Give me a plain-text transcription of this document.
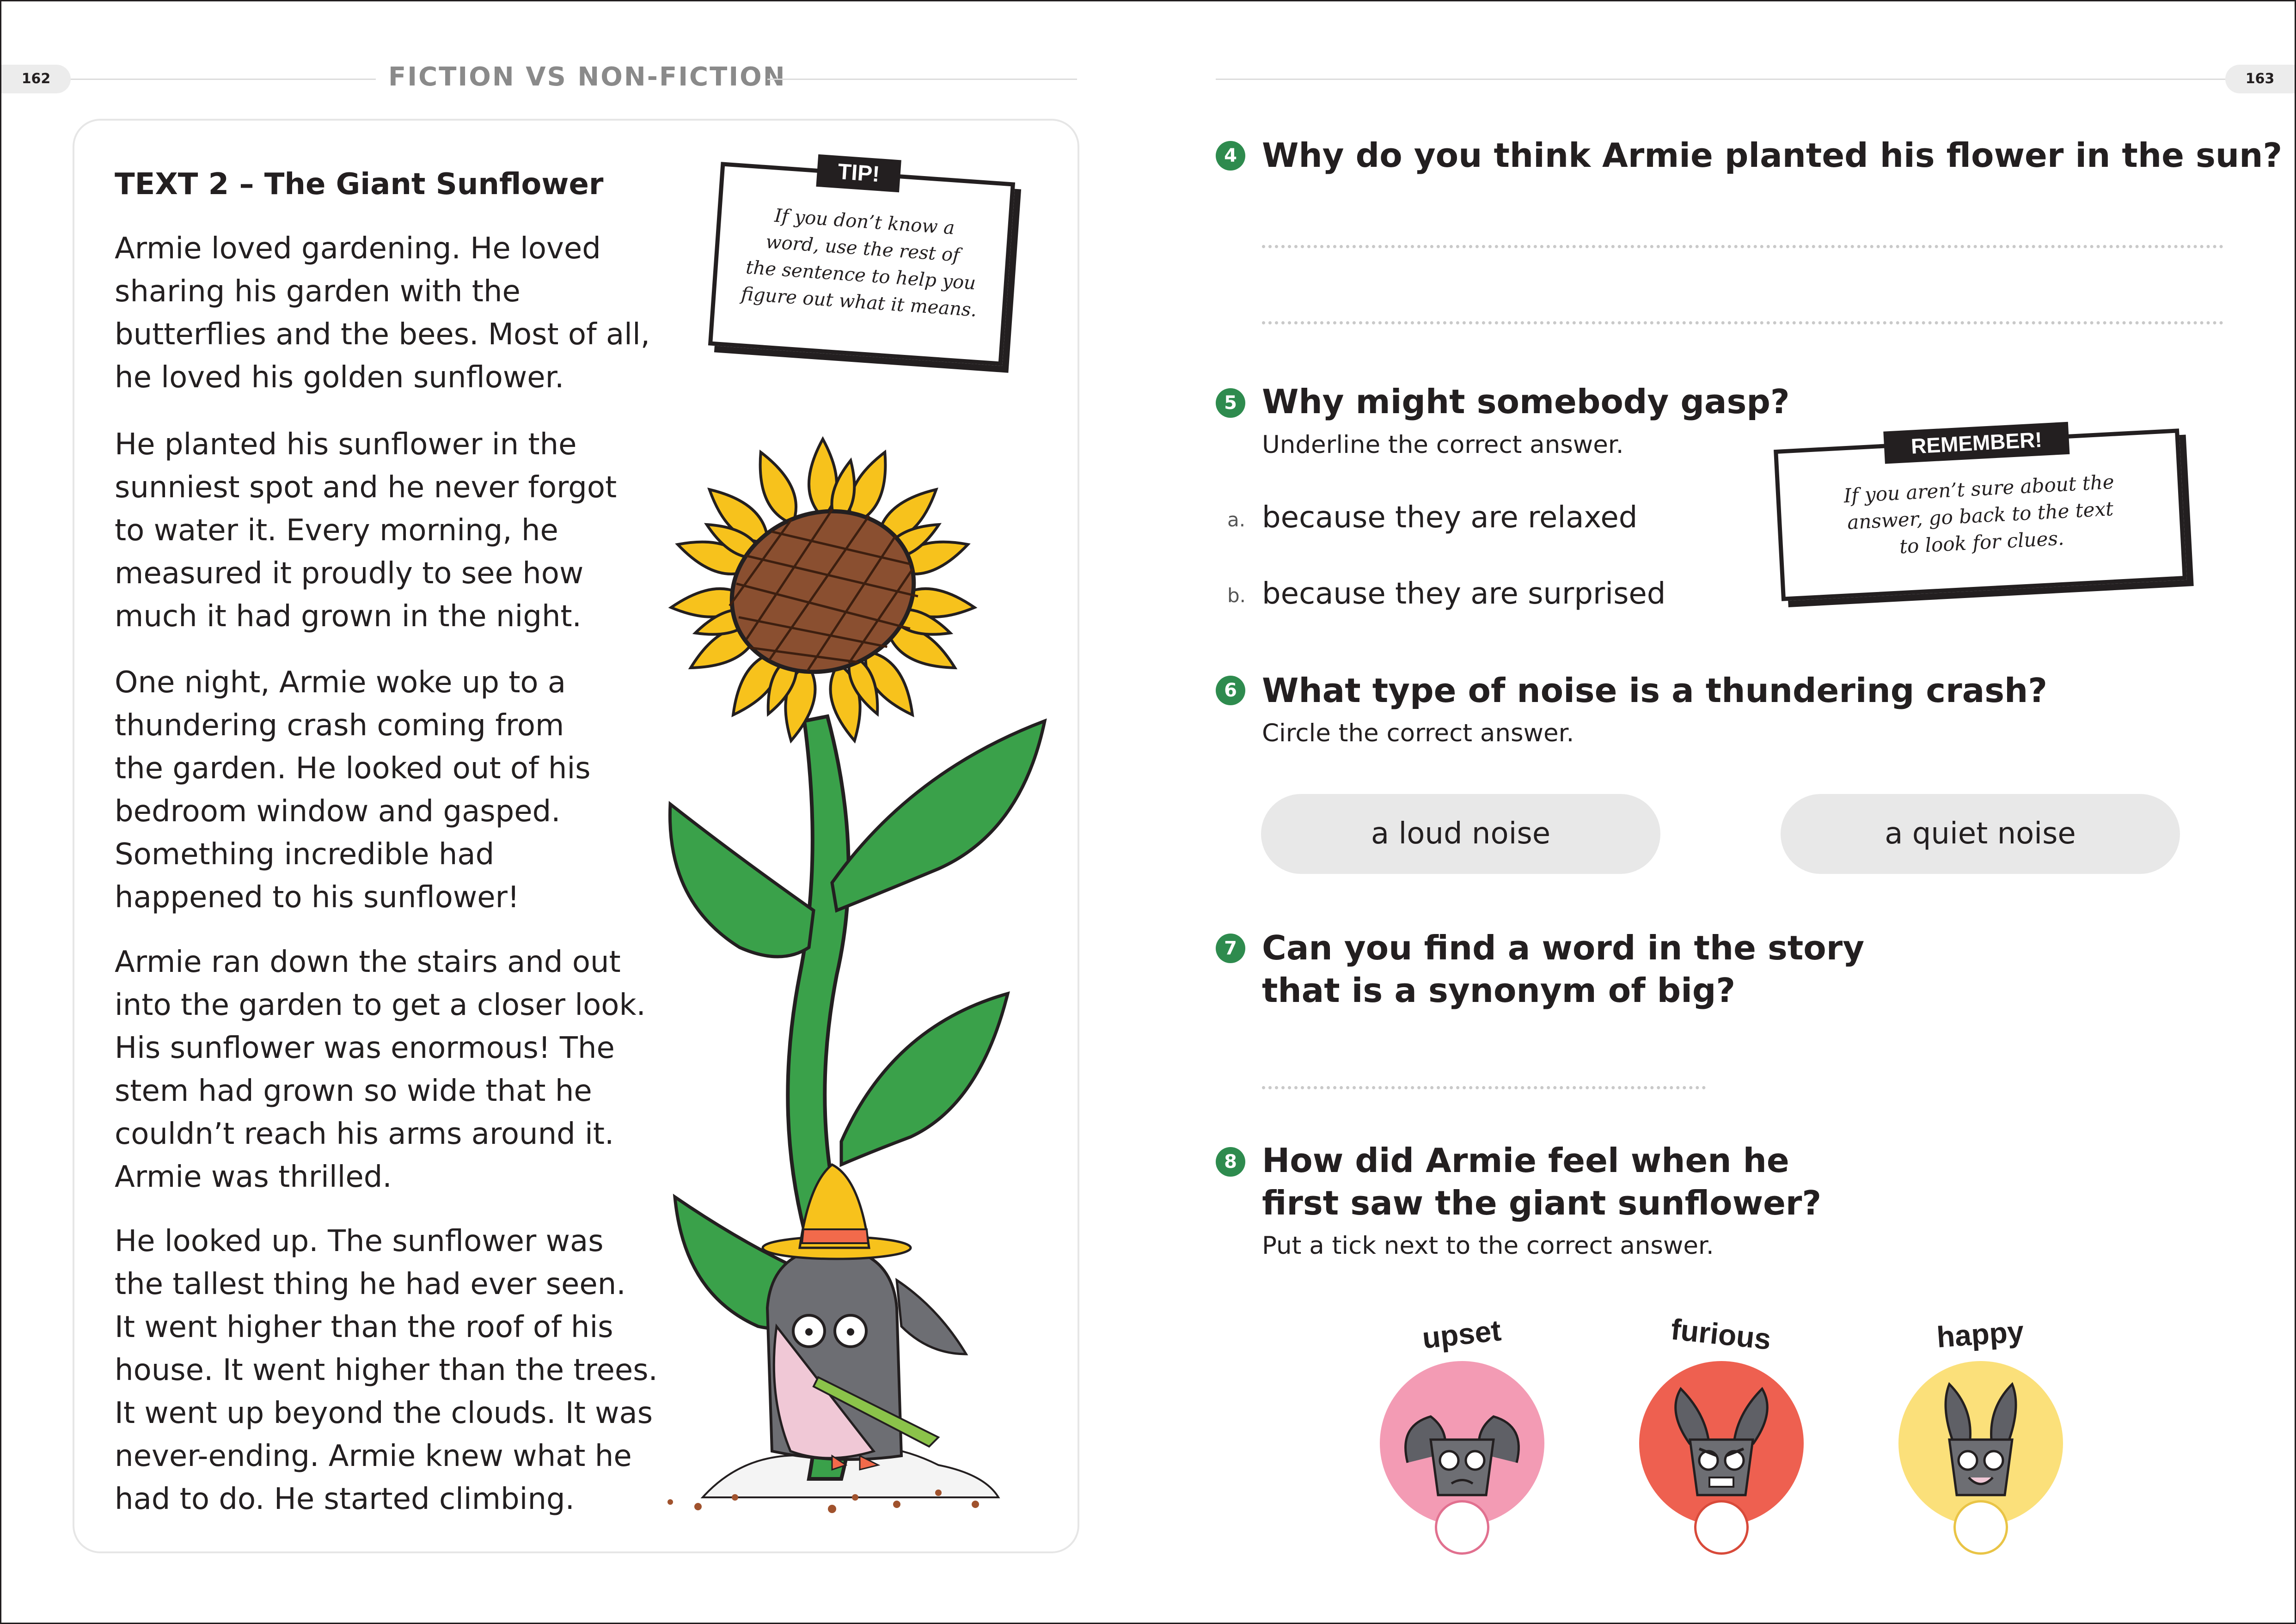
162	FICTION VS NON-FICTION	163
TEXT 2 – The Giant Sunflower

Armie loved gardening. He loved
sharing his garden with the
butterflies and the bees. Most of all,
he loved his golden sunflower.

He planted his sunflower in the
sunniest spot and he never forgot
to water it. Every morning, he
measured it proudly to see how
much it had grown in the night.

One night, Armie woke up to a
thundering crash coming from
the garden. He looked out of his
bedroom window and gasped.
Something incredible had
happened to his sunflower!

Armie ran down the stairs and out
into the garden to get a closer look.
His sunflower was enormous! The
stem had grown so wide that he
couldn’t reach his arms around it.
Armie was thrilled.

He looked up. The sunflower was
the tallest thing he had ever seen.
It went higher than the roof of his
house. It went higher than the trees.
It went up beyond the clouds. It was
never-ending. Armie knew what he
had to do. He started climbing.

TIP!
If you don’t know a
word, use the rest of
the sentence to help you
figure out what it means.
4 Why do you think Armie planted his flower in the sun?
5 Why might somebody gasp?
Underline the correct answer.
a. because they are relaxed
b. because they are surprised
REMEMBER!
If you aren’t sure about the
answer, go back to the text
to look for clues.
6 What type of noise is a thundering crash?
Circle the correct answer.
a loud noise	a quiet noise
7 Can you find a word in the story
that is a synonym of big?

8 How did Armie feel when he
first saw the giant sunflower?

Put a tick next to the correct answer.
upset	furious	happy
